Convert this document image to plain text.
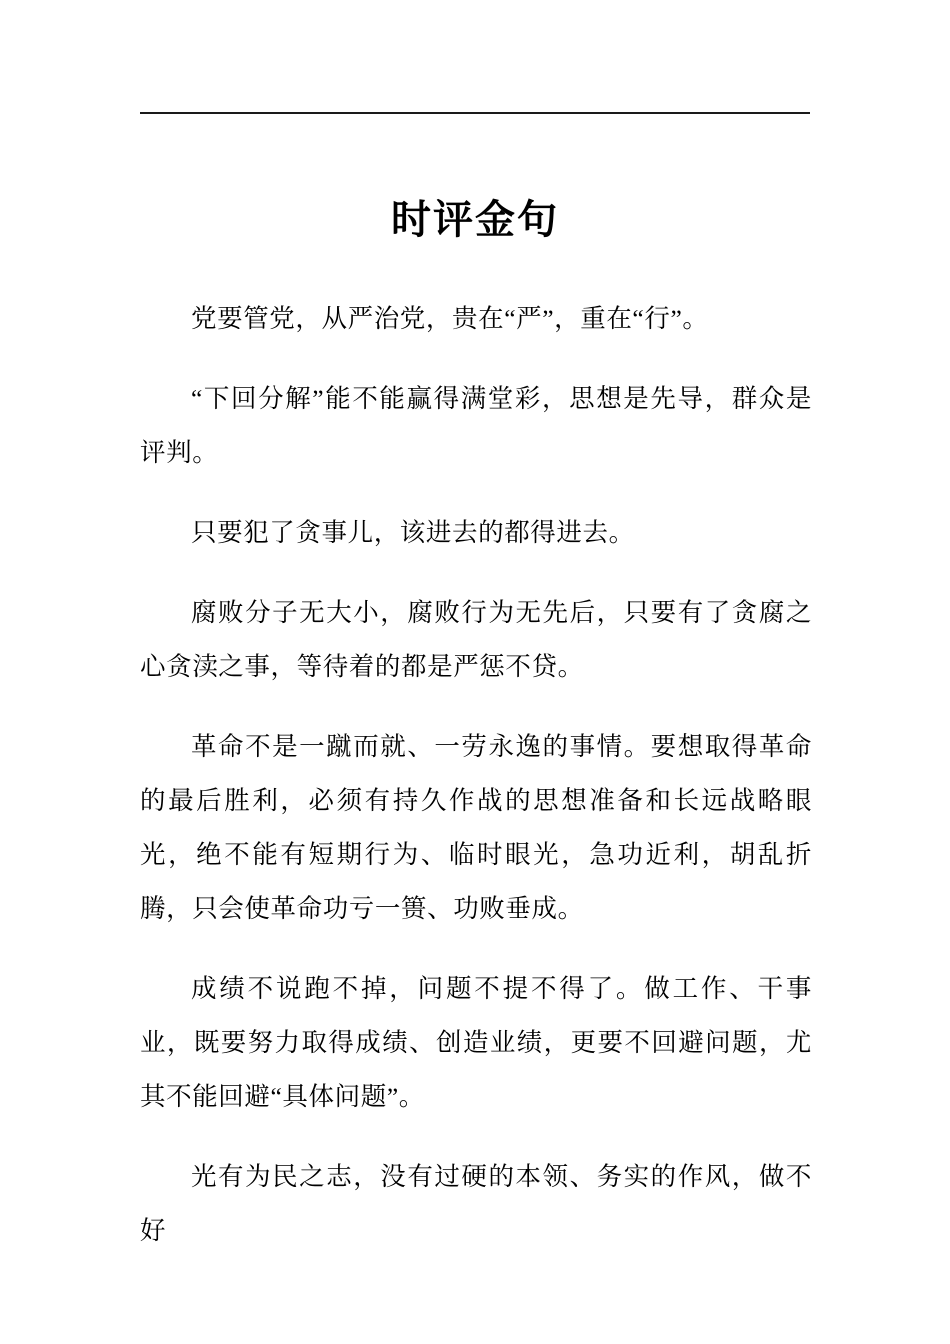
时评金句

党要管党，从严治党，贵在“严”，重在“行”。

“下回分解”能不能赢得满堂彩，思想是先导，群众是评判。

只要犯了贪事儿，该进去的都得进去。

腐败分子无大小，腐败行为无先后，只要有了贪腐之心贪渎之事，等待着的都是严惩不贷。

革命不是一蹴而就、一劳永逸的事情。要想取得革命的最后胜利，必须有持久作战的思想准备和长远战略眼光，绝不能有短期行为、临时眼光，急功近利，胡乱折腾，只会使革命功亏一篑、功败垂成。

成绩不说跑不掉，问题不提不得了。做工作、干事业，既要努力取得成绩、创造业绩，更要不回避问题，尤其不能回避“具体问题”。

光有为民之志，没有过硬的本领、务实的作风，做不好
